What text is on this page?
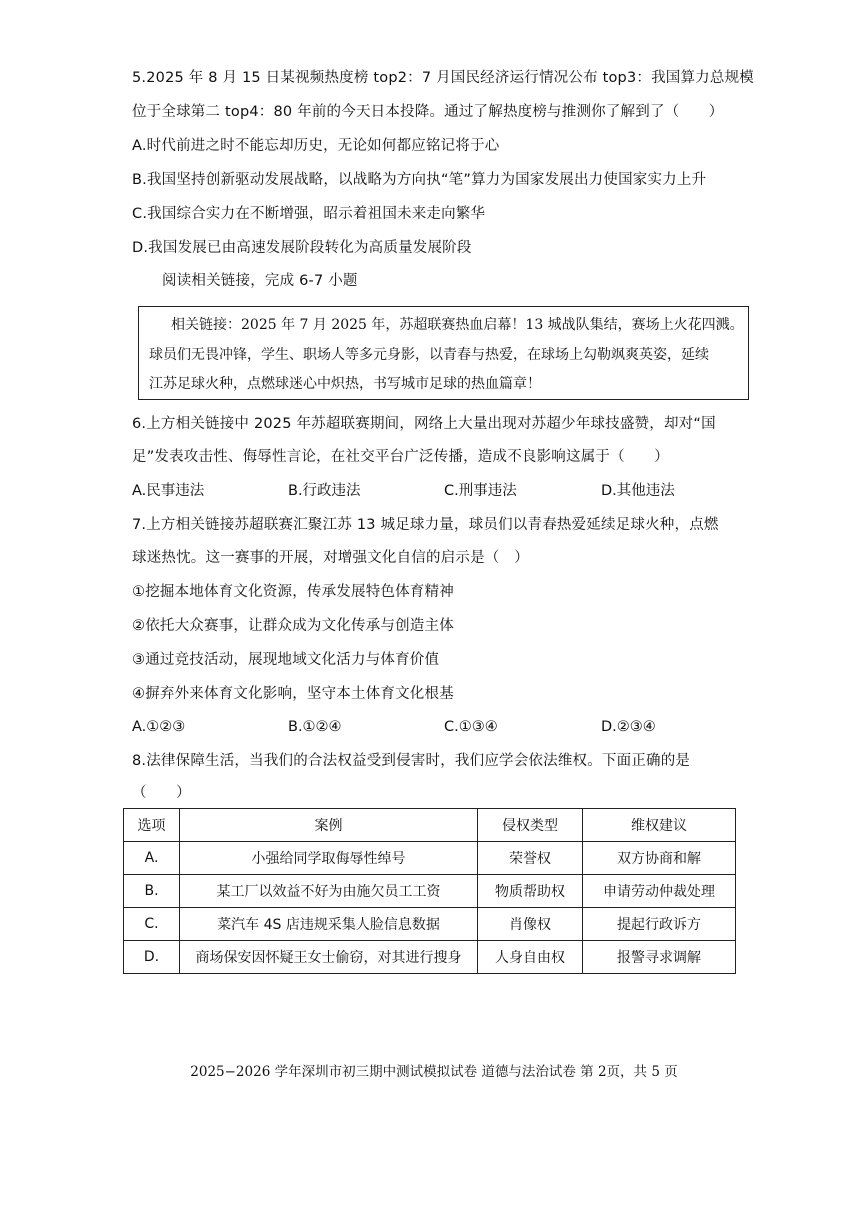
5.2025 年 8 月 15 日某视频热度榜 top2：7 月国民经济运行情况公布 top3：我国算力总规模
位于全球第二 top4：80 年前的今天日本投降。通过了解热度榜与推测你了解到了（　　）
A.时代前进之时不能忘却历史，无论如何都应铭记将于心
B.我国坚持创新驱动发展战略，以战略为方向执“笔”算力为国家发展出力使国家实力上升
C.我国综合实力在不断增强，昭示着祖国未来走向繁华
D.我国发展已由高速发展阶段转化为高质量发展阶段
阅读相关链接，完成 6-7 小题
相关链接：2025 年 7 月 2025 年，苏超联赛热血启幕！13 城战队集结，赛场上火花四溅。
球员们无畏冲锋，学生、职场人等多元身影，以青春与热爱，在球场上勾勒飒爽英姿，延续
江苏足球火种，点燃球迷心中炽热，书写城市足球的热血篇章！
6.上方相关链接中 2025 年苏超联赛期间，网络上大量出现对苏超少年球技盛赞，却对“国
足”发表攻击性、侮辱性言论，在社交平台广泛传播，造成不良影响这属于（　　）
A.民事违法	B.行政违法	C.刑事违法	D.其他违法
7.上方相关链接苏超联赛汇聚江苏 13 城足球力量，球员们以青春热爱延续足球火种，点燃
球迷热忱。这一赛事的开展，对增强文化自信的启示是（　）
①挖掘本地体育文化资源，传承发展特色体育精神
②依托大众赛事，让群众成为文化传承与创造主体
③通过竞技活动，展现地域文化活力与体育价值
④摒弃外来体育文化影响，坚守本土体育文化根基
A.①②③	B.①②④	C.①③④	D.②③④
8.法律保障生活，当我们的合法权益受到侵害时，我们应学会依法维权。下面正确的是
（　　）
选项	案例	侵权类型	维权建议
A.	小强给同学取侮辱性绰号	荣誉权	双方协商和解
B.	某工厂以效益不好为由施欠员工工资	物质帮助权	申请劳动仲裁处理
C.	菜汽车 4S 店违规采集人脸信息数据	肖像权	提起行政诉方
D.	商场保安因怀疑王女士偷窃，对其进行搜身	人身自由权	报警寻求调解
2025−2026 学年深圳市初三期中测试模拟试卷 道德与法治试卷 第 2页，共 5 页
